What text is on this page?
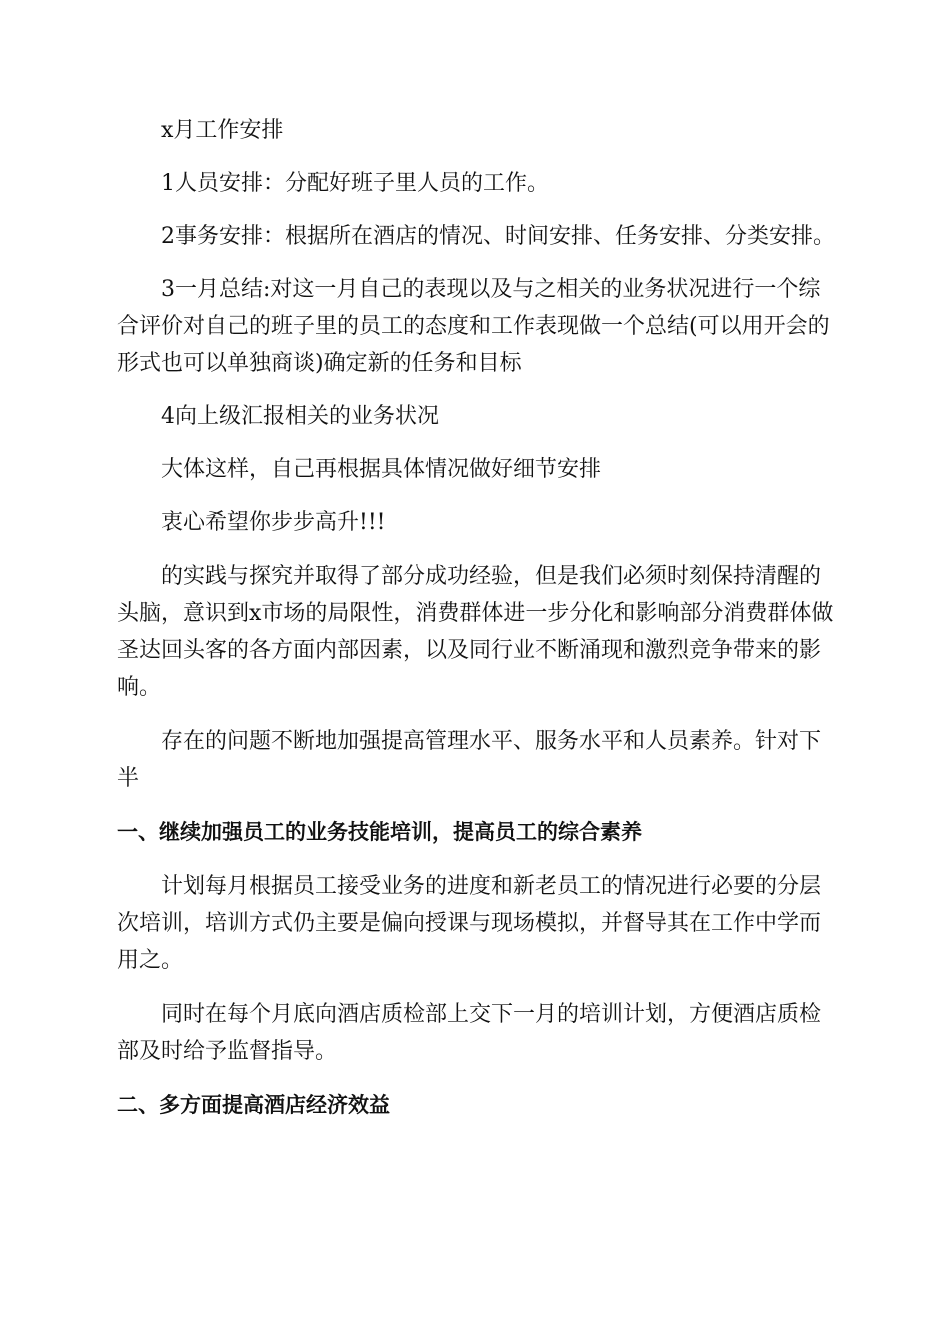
x月工作安排

1人员安排：分配好班子里人员的工作。

2事务安排：根据所在酒店的情况、时间安排、任务安排、分类安排。

3一月总结:对这一月自己的表现以及与之相关的业务状况进行一个综合评价对自己的班子里的员工的态度和工作表现做一个总结(可以用开会的形式也可以单独商谈)确定新的任务和目标

4向上级汇报相关的业务状况

大体这样，自己再根据具体情况做好细节安排

衷心希望你步步高升!!!

的实践与探究并取得了部分成功经验，但是我们必须时刻保持清醒的头脑，意识到x市场的局限性，消费群体进一步分化和影响部分消费群体做圣达回头客的各方面内部因素，以及同行业不断涌现和激烈竞争带来的影响。

存在的问题不断地加强提高管理水平、服务水平和人员素养。针对下半

一、继续加强员工的业务技能培训，提高员工的综合素养

计划每月根据员工接受业务的进度和新老员工的情况进行必要的分层次培训，培训方式仍主要是偏向授课与现场模拟，并督导其在工作中学而用之。

同时在每个月底向酒店质检部上交下一月的培训计划，方便酒店质检部及时给予监督指导。

二、多方面提高酒店经济效益
